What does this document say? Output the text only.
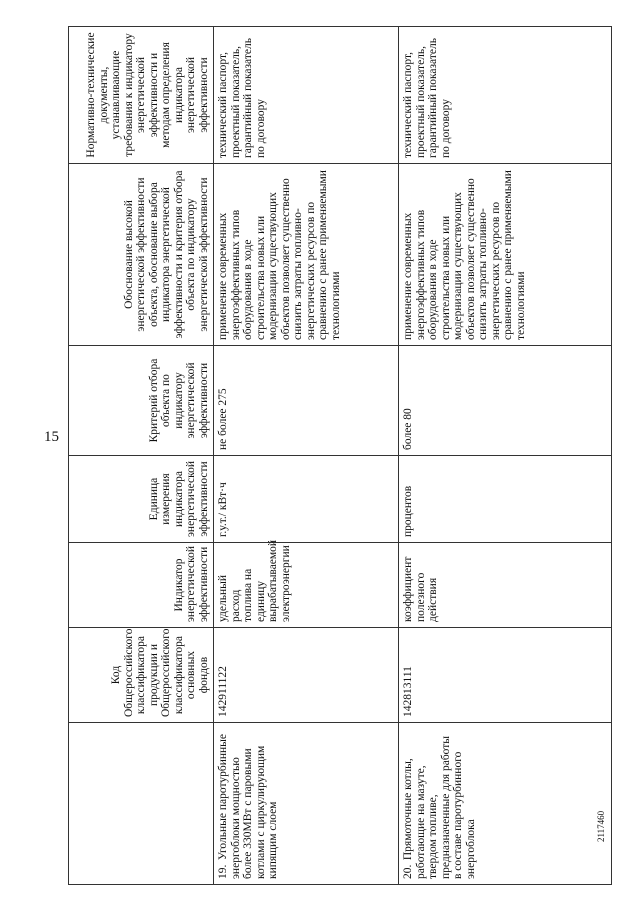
15
2117460
	Код Общероссийского классификатора продукции и Общероссийского классификатора основных фондов	Индикатор энергетической эффективности	Единица измерения индикатора энергетической эффективности	Критерий отбора объекта по индикатору энергетической эффективности	Обоснование высокой энергетической эффективности объекта, обоснование выбора индикатора энергетической эффективности и критерия отбора объекта по индикатору энергетической эффективности	Нормативно-технические документы, устанавливающие требования к индикатору энергетической эффективности и методам определения индикатора энергетической эффективности
19. Угольные паротурбинные энергоблоки мощностью более 330МВт с паровыми котлами с циркулирующим кипящим слоем	142911122	удельный расход топлива на единицу вырабатываемой электроэнергии	г.у.т./ кВт·ч	не более 275	применение современных энергоэффективных типов оборудования в ходе строительства новых или модернизации существующих объектов позволяет существенно снизить затраты топливно-энергетических ресурсов по сравнению с ранее применяемыми технологиями	технический паспорт, проектный показатель, гарантийный показатель по договору
20. Прямоточные котлы, работающие на мазуте, твердом топливе, предназначенные для работы в составе паротурбинного энергоблока	142813111	коэффициент полезного действия	процентов	более 80	применение современных энергоэффективных типов оборудования в ходе строительства новых или модернизации существующих объектов позволяет существенно снизить затраты топливно-энергетических ресурсов по сравнению с ранее применяемыми технологиями	технический паспорт, проектный показатель, гарантийный показатель по договору
